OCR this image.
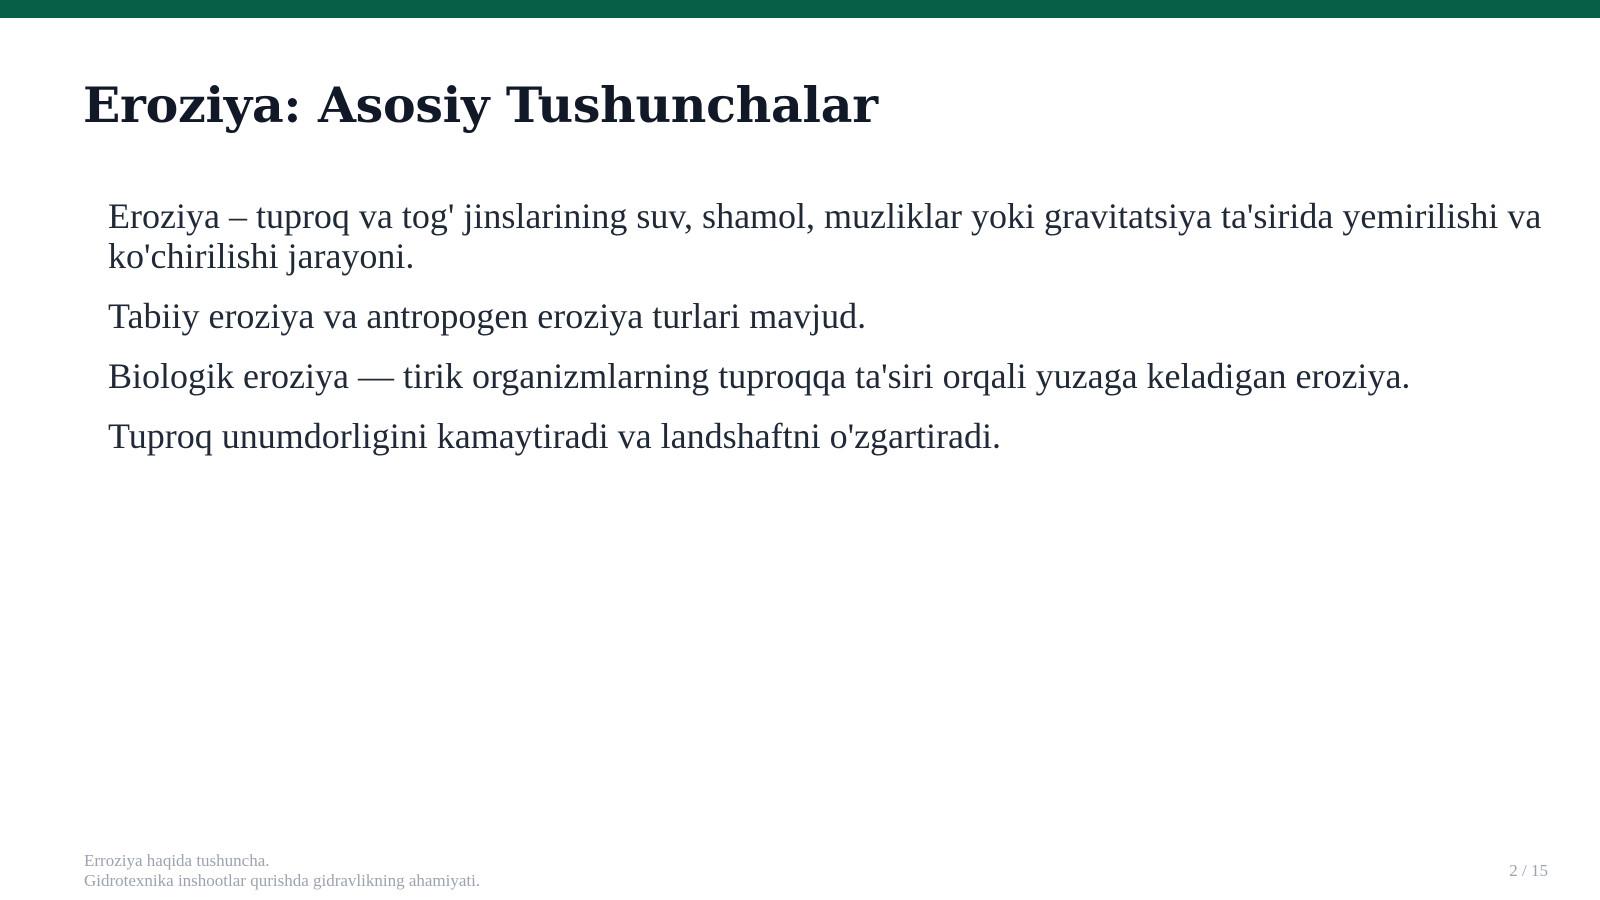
Eroziya: Asosiy Tushunchalar
Eroziya – tuproq va tog' jinslarining suv, shamol, muzliklar yoki gravitatsiya ta'sirida yemirilishi va ko'chirilishi jarayoni.
Tabiiy eroziya va antropogen eroziya turlari mavjud.
Biologik eroziya — tirik organizmlarning tuproqqa ta'siri orqali yuzaga keladigan eroziya.
Tuproq unumdorligini kamaytiradi va landshaftni o'zgartiradi.
Erroziya haqida tushuncha.
Gidrotexnika inshootlar qurishda gidravlikning ahamiyati.
2 / 15
